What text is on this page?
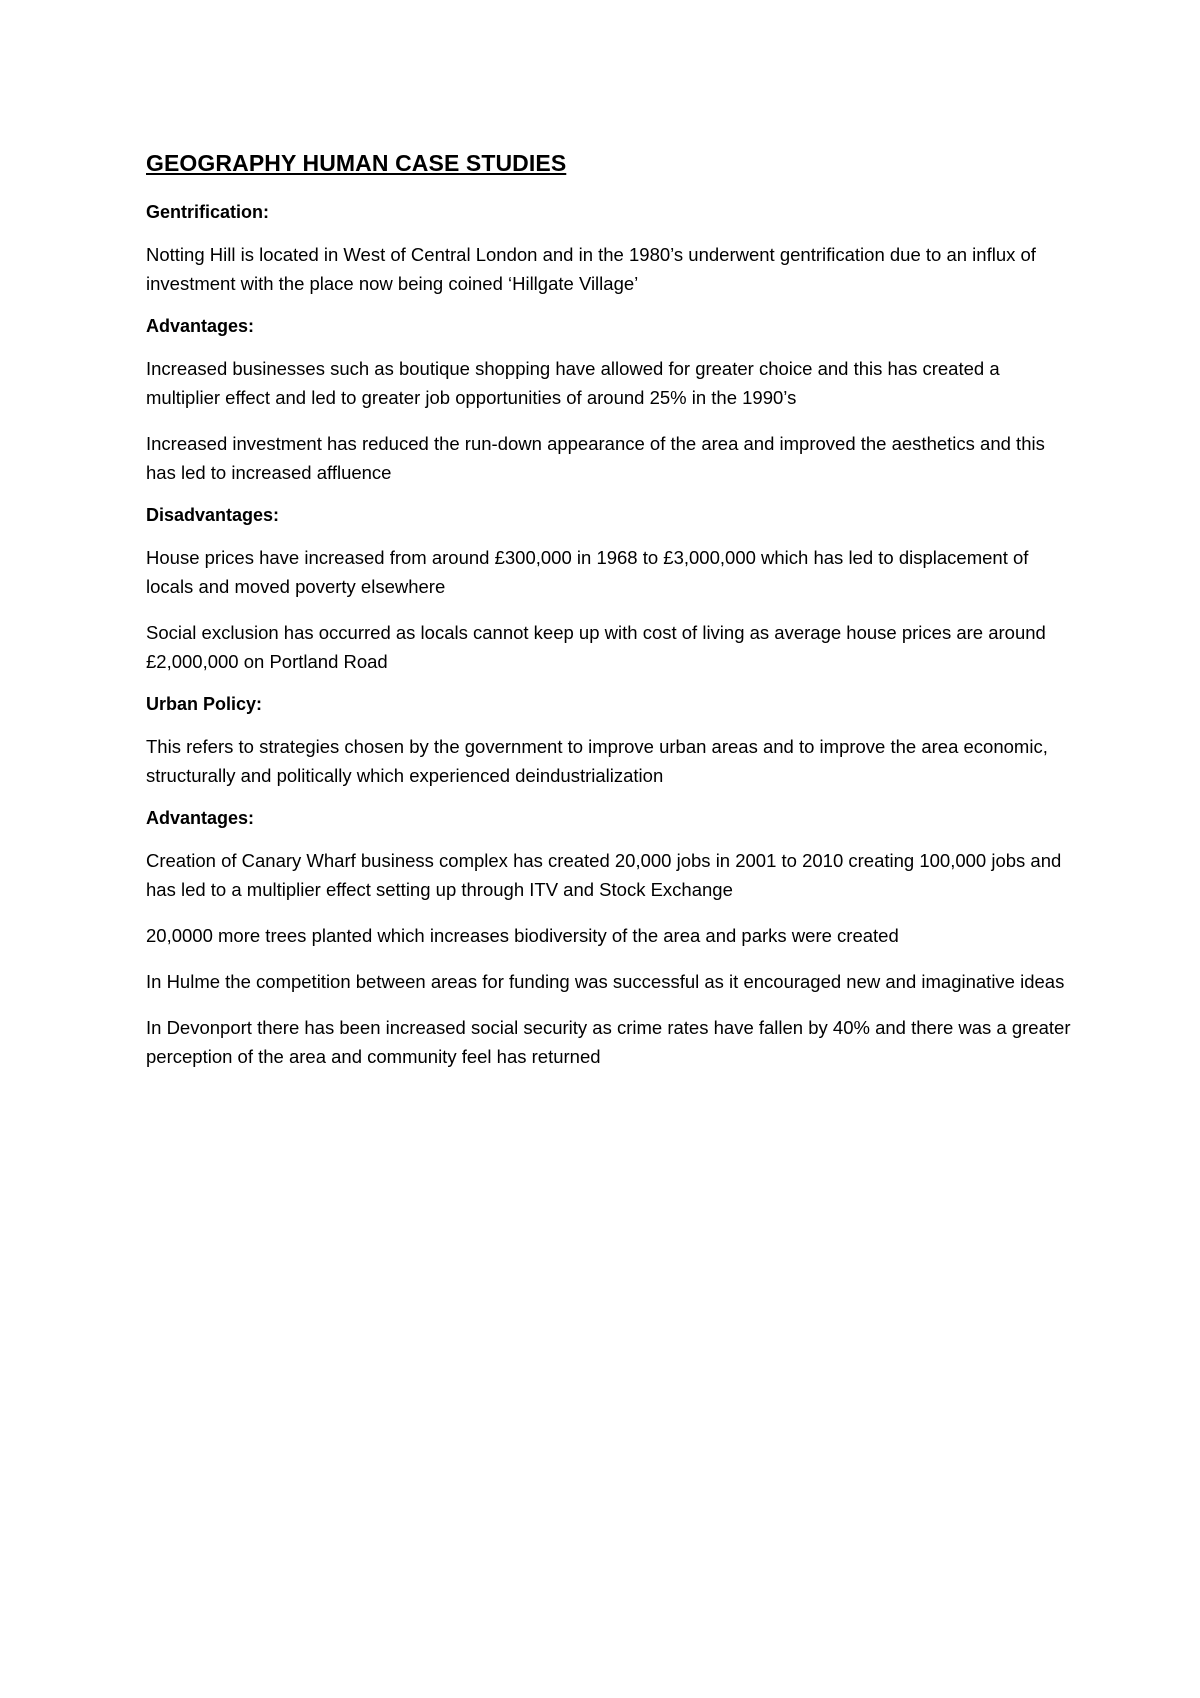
GEOGRAPHY HUMAN CASE STUDIES
Gentrification:
Notting Hill is located in West of Central London and in the 1980’s underwent gentrification due to an influx of investment with the place now being coined ‘Hillgate Village’
Advantages:
Increased businesses such as boutique shopping have allowed for greater choice and this has created a multiplier effect and led to greater job opportunities of around 25% in the 1990’s
Increased investment has reduced the run-down appearance of the area and improved the aesthetics and this has led to increased affluence
Disadvantages:
House prices have increased from around £300,000 in 1968 to £3,000,000 which has led to displacement of locals and moved poverty elsewhere
Social exclusion has occurred as locals cannot keep up with cost of living as average house prices are around £2,000,000 on Portland Road
Urban Policy:
This refers to strategies chosen by the government to improve urban areas and to improve the area economic, structurally and politically which experienced deindustrialization
Advantages:
Creation of Canary Wharf business complex has created 20,000 jobs in 2001 to 2010 creating 100,000 jobs and has led to a multiplier effect setting up through ITV and Stock Exchange
20,0000 more trees planted which increases biodiversity of the area and parks were created
In Hulme the competition between areas for funding was successful as it encouraged new and imaginative ideas
In Devonport there has been increased social security as crime rates have fallen by 40% and there was a greater perception of the area and community feel has returned
